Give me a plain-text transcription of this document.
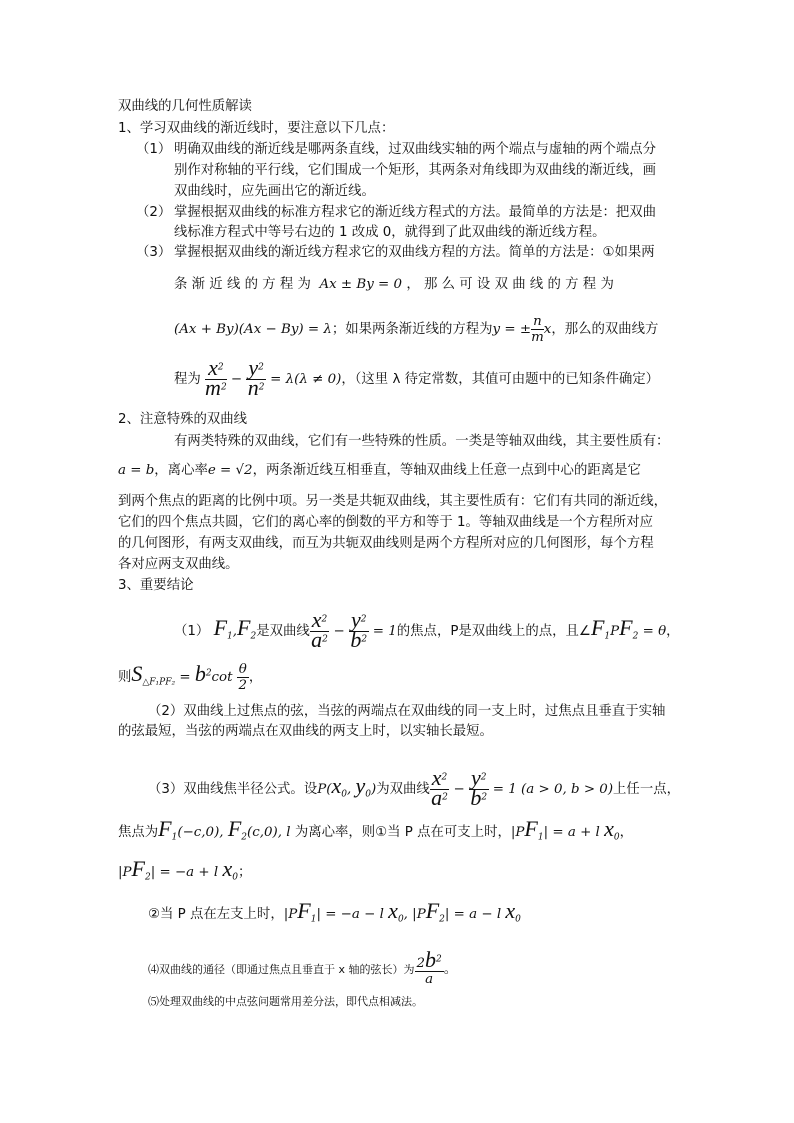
双曲线的几何性质解读
1、学习双曲线的渐近线时，要注意以下几点：
（1） 明确双曲线的渐近线是哪两条直线，过双曲线实轴的两个端点与虚轴的两个端点分
别作对称轴的平行线，它们围成一个矩形，其两条对角线即为双曲线的渐近线，画
双曲线时，应先画出它的渐近线。
（2） 掌握根据双曲线的标准方程求它的渐近线方程式的方法。最简单的方法是：把双曲
线标准方程式中等号右边的 1 改成 0，就得到了此双曲线的渐近线方程。
（3） 掌握根据双曲线的渐近线方程求它的双曲线方程的方法。简单的方法是：①如果两
条 渐 近 线 的 方 程 为 Ax ± By = 0 ， 那 么 可 设 双 曲 线 的 方 程 为
(Ax + By)(Ax − By) = λ；如果两条渐近线的方程为y = ± $\frac{n}{m}$ x，那么的双曲线方
程为 $\frac{x^2}{m^2} - \frac{y^2}{n^2} = \lambda(\lambda \ne 0)$，（这里 λ 待定常数，其值可由题中的已知条件确定）
2、注意特殊的双曲线
有两类特殊的双曲线，它们有一些特殊的性质。一类是等轴双曲线，其主要性质有：
a = b，离心率e = √2，两条渐近线互相垂直，等轴双曲线上任意一点到中心的距离是它
到两个焦点的距离的比例中项。另一类是共轭双曲线，其主要性质有：它们有共同的渐近线，
它们的四个焦点共圆，它们的离心率的倒数的平方和等于 1。等轴双曲线是一个方程所对应
的几何图形，有两支双曲线，而互为共轭双曲线则是两个方程所对应的几何图形，每个方程
各对应两支双曲线。
3、重要结论
（1） $F_1,F_2$是双曲线 $\frac{x^2}{a^2} - \frac{y^2}{b^2} = 1$的焦点，P是双曲线上的点，且$\angle F_1PF_2 = \theta$，
则$S_{\triangle F_1PF_2} = b^2\cot \frac{\theta}{2}$ ，
（2）双曲线上过焦点的弦，当弦的两端点在双曲线的同一支上时，过焦点且垂直于实轴
的弦最短，当弦的两端点在双曲线的两支上时，以实轴长最短。
（3）双曲线焦半径公式。设$P(x_0$, $y_0$)为双曲线 $\frac{x^2}{a^2} - \frac{y^2}{b^2} = 1$ (a > 0, b > 0)上任一点，
焦点为$F_1(-c,0)$, $F_2(c,0)$, l 为离心率，则①当 P 点在可支上时，$|PF_1| = a + l$ $x_0$，
$|PF_2| = -a + l$ $x_0$；
②当 P 点在左支上时，$|PF_1| = -a - l$ $x_0$, $|PF_2| = a - l$ $x_0$
⑷双曲线的通径（即通过焦点且垂直于 x 轴的弦长）为 $\frac{2b^2}{a}$ 。
⑸处理双曲线的中点弦问题常用差分法，即代点相减法。
